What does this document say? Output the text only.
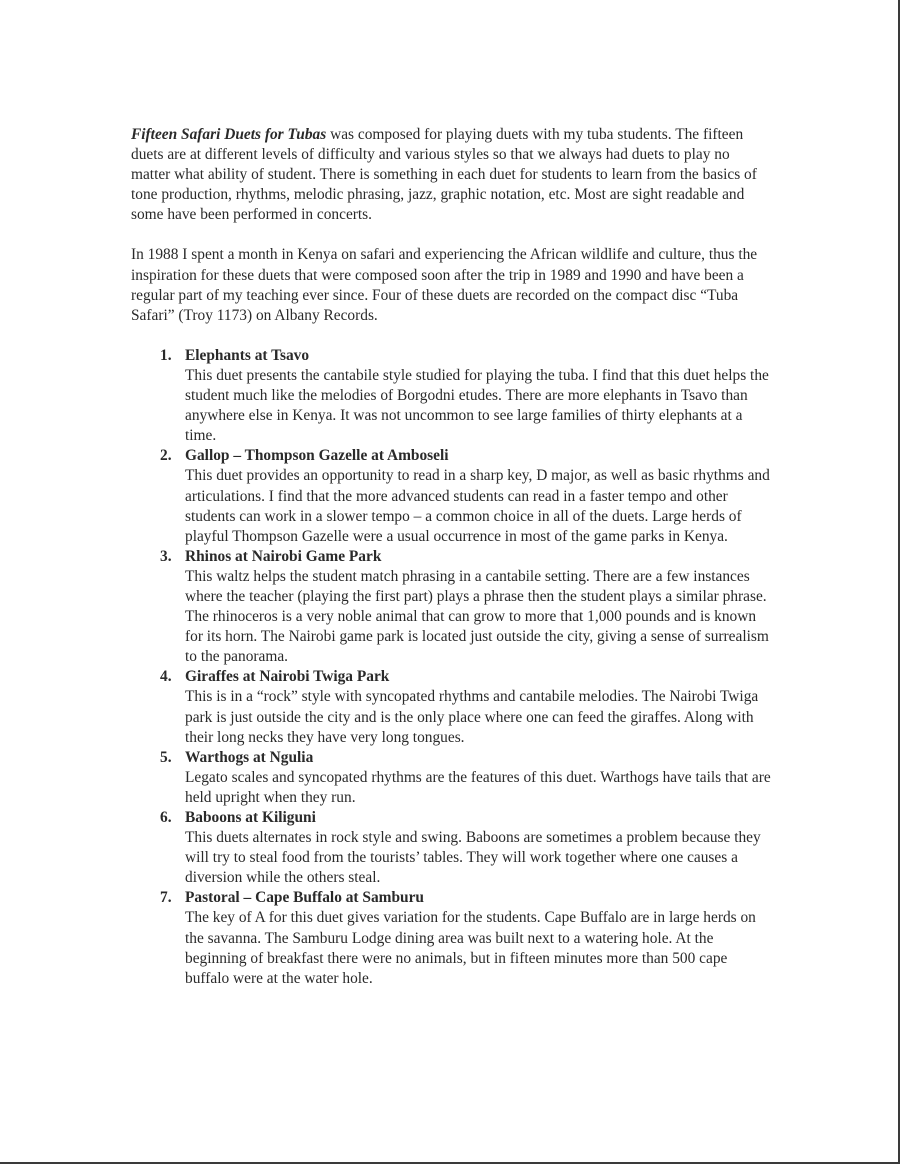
Fifteen Safari Duets for Tubas was composed for playing duets with my tuba students. The fifteen duets are at different levels of difficulty and various styles so that we always had duets to play no matter what ability of student. There is something in each duet for students to learn from the basics of tone production, rhythms, melodic phrasing, jazz, graphic notation, etc. Most are sight readable and some have been performed in concerts.

In 1988 I spent a month in Kenya on safari and experiencing the African wildlife and culture, thus the inspiration for these duets that were composed soon after the trip in 1989 and 1990 and have been a regular part of my teaching ever since. Four of these duets are recorded on the compact disc “Tuba Safari” (Troy 1173) on Albany Records.

1. Elephants at Tsavo
This duet presents the cantabile style studied for playing the tuba. I find that this duet helps the student much like the melodies of Borgodni etudes. There are more elephants in Tsavo than anywhere else in Kenya. It was not uncommon to see large families of thirty elephants at a time.
2. Gallop – Thompson Gazelle at Amboseli
This duet provides an opportunity to read in a sharp key, D major, as well as basic rhythms and articulations. I find that the more advanced students can read in a faster tempo and other students can work in a slower tempo – a common choice in all of the duets. Large herds of playful Thompson Gazelle were a usual occurrence in most of the game parks in Kenya.
3. Rhinos at Nairobi Game Park
This waltz helps the student match phrasing in a cantabile setting. There are a few instances where the teacher (playing the first part) plays a phrase then the student plays a similar phrase. The rhinoceros is a very noble animal that can grow to more that 1,000 pounds and is known for its horn. The Nairobi game park is located just outside the city, giving a sense of surrealism to the panorama.
4. Giraffes at Nairobi Twiga Park
This is in a “rock” style with syncopated rhythms and cantabile melodies. The Nairobi Twiga park is just outside the city and is the only place where one can feed the giraffes. Along with their long necks they have very long tongues.
5. Warthogs at Ngulia
Legato scales and syncopated rhythms are the features of this duet. Warthogs have tails that are held upright when they run.
6. Baboons at Kiliguni
This duets alternates in rock style and swing. Baboons are sometimes a problem because they will try to steal food from the tourists’ tables. They will work together where one causes a diversion while the others steal.
7. Pastoral – Cape Buffalo at Samburu
The key of A for this duet gives variation for the students. Cape Buffalo are in large herds on the savanna. The Samburu Lodge dining area was built next to a watering hole. At the beginning of breakfast there were no animals, but in fifteen minutes more than 500 cape buffalo were at the water hole.
